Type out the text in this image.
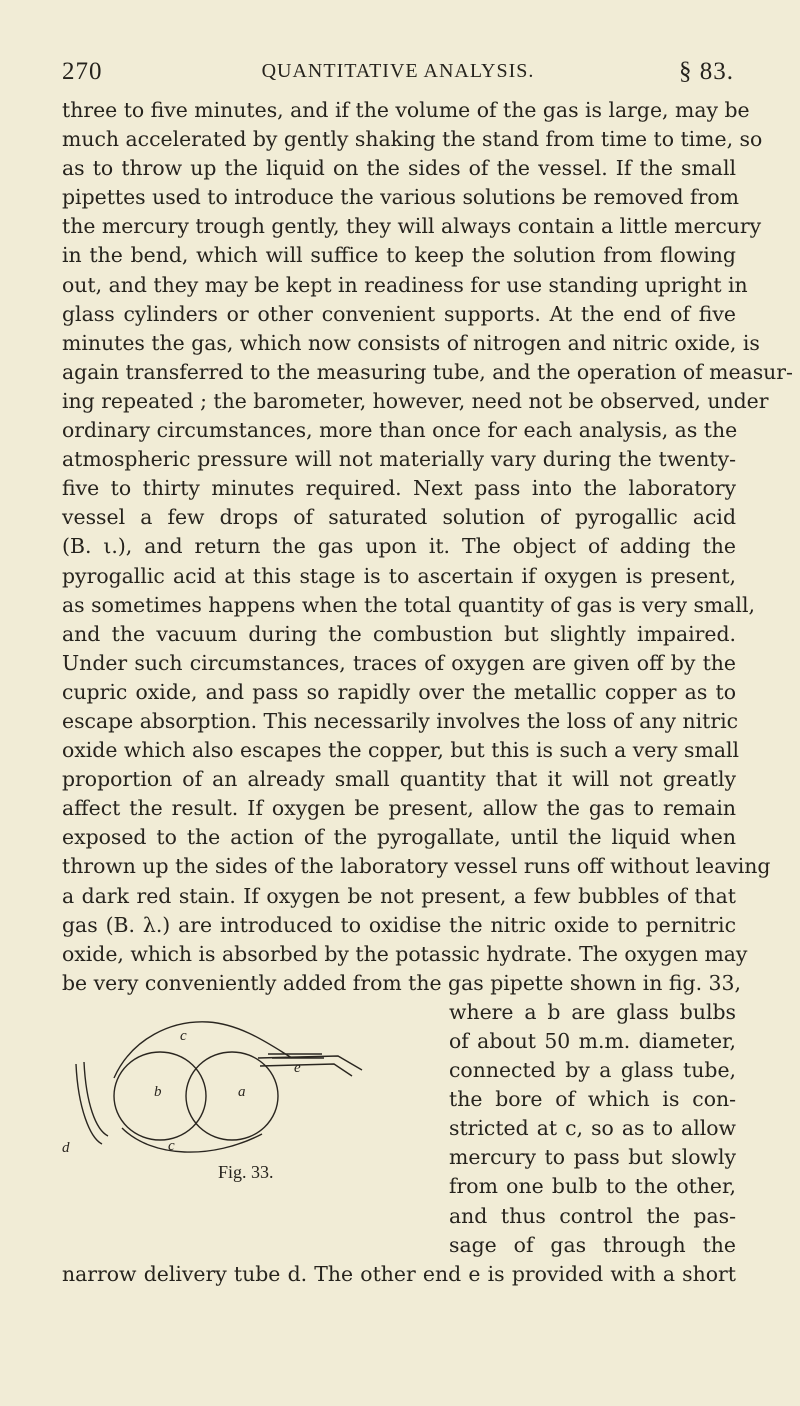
270	QUANTITATIVE ANALYSIS.	§ 83.
three to five minutes, and if the volume of the gas is large, may be
much accelerated by gently shaking the stand from time to time, so
as to throw up the liquid on the sides of the vessel. If the small
pipettes used to introduce the various solutions be removed from
the mercury trough gently, they will always contain a little mercury
in the bend, which will suffice to keep the solution from flowing
out, and they may be kept in readiness for use standing upright in
glass cylinders or other convenient supports. At the end of five
minutes the gas, which now consists of nitrogen and nitric oxide, is
again transferred to the measuring tube, and the operation of measur-
ing repeated ; the barometer, however, need not be observed, under
ordinary circumstances, more than once for each analysis, as the
atmospheric pressure will not materially vary during the twenty-
five to thirty minutes required. Next pass into the laboratory
vessel a few drops of saturated solution of pyrogallic acid
(B. ι.), and return the gas upon it. The object of adding the
pyrogallic acid at this stage is to ascertain if oxygen is present,
as sometimes happens when the total quantity of gas is very small,
and the vacuum during the combustion but slightly impaired.
Under such circumstances, traces of oxygen are given off by the
cupric oxide, and pass so rapidly over the metallic copper as to
escape absorption. This necessarily involves the loss of any nitric
oxide which also escapes the copper, but this is such a very small
proportion of an already small quantity that it will not greatly
affect the result. If oxygen be present, allow the gas to remain
exposed to the action of the pyrogallate, until the liquid when
thrown up the sides of the laboratory vessel runs off without leaving
a dark red stain. If oxygen be not present, a few bubbles of that
gas (B. λ.) are introduced to oxidise the nitric oxide to pernitric
oxide, which is absorbed by the potassic hydrate. The oxygen may
be very conveniently added from the gas pipette shown in fig. 33,
where a b are glass bulbs
of about 50 m.m. diameter,
connected by a glass tube,
the bore of which is con-
stricted at c, so as to allow
mercury to pass but slowly
from one bulb to the other,
and thus control the pas-
sage of gas through the
narrow delivery tube d. The other end e is provided with a short
c
c
a
b
d
e
Fig. 33.
